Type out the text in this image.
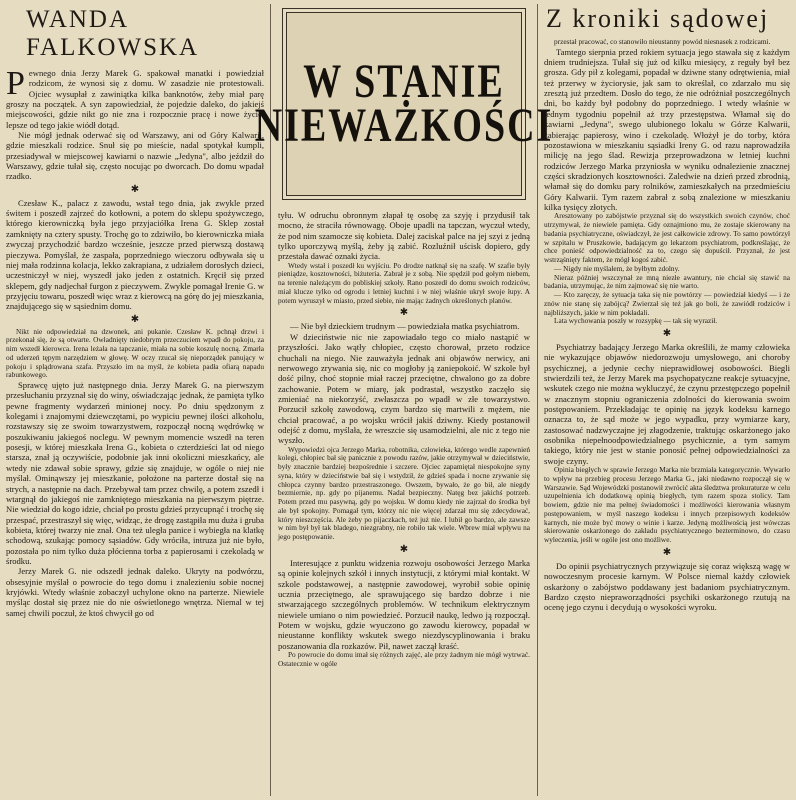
WANDA FALKOWSKA

Pewnego dnia Jerzy Marek G. spakował manatki i powiedział rodzicom, że wynosi się z domu. W zasadzie nie protestowali. Ojciec wysupłał z zawiniątka kilka banknotów, żeby miał parę groszy na początek. A syn zapowiedział, że pojedzie daleko, do jakiejś miejscowości, gdzie nikt go nie zna i rozpocznie pracę i nowe życie, lepsze od tego jakie wiódł dotąd.

Nie mógł jednak oderwać się od Warszawy, ani od Góry Kalwarii, gdzie mieszkali rodzice. Snuł się po mieście, nadal spotykał kumpli, przesiadywał w miejscowej kawiarni o nazwie „Jedyna", albo jeździł do Warszawy, gdzie tułał się, często nocując po dworcach. Do domu wpadał rzadko.

✱

Czesław K., palacz z zawodu, wstał tego dnia, jak zwykle przed świtem i poszedł zajrzeć do kotłowni, a potem do sklepu spożywczego, którego kierowniczką była jego przyjaciółka Irena G. Sklep został zamknięty na cztery spusty. Trochę go to zdziwiło, bo kierowniczka miała zwyczaj przychodzić bardzo wcześnie, jeszcze przed pierwszą dostawą pieczywa. Pomyślał, że zaspała, poprzedniego wieczoru odbywała się u niej mała rodzinna kolacja, lekko zakrapiana, z udziałem dorosłych dzieci, uczestniczył w niej, wyszedł jako jeden z ostatnich. Kręcił się przed sklepem, gdy nadjechał furgon z pieczywem. Zwykle pomagał Irenie G. w przyjęciu towaru, poszedł więc wraz z kierowcą na górę do jej mieszkania, znajdującego się w sąsiednim domu.

✱

Nikt nie odpowiedział na dzwonek, ani pukanie. Czesław K. pchnął drzwi i przekonał się, że są otwarte. Owładnięty niedobrym przeczuciem wpadł do pokoju, za nim wszedł kierowca. Irena leżała na tapczanie, miała na sobie koszulę nocną. Zmarła od uderzeń tępym narzędziem w głowę. W oczy rzucał się nieporządek panujący w pokoju i splądrowana szafa. Przyszło im na myśl, że kobieta padła ofiarą napadu rabunkowego.

Sprawcę ujęto już następnego dnia. Jerzy Marek G. na pierwszym przesłuchaniu przyznał się do winy, oświadczając jednak, że pamięta tylko pewne fragmenty wydarzeń minionej nocy. Po dniu spędzonym z kolegami i znajomymi dziewczętami, po wypiciu pewnej ilości alkoholu, rozstawszy się ze swoim towarzystwem, rozpoczął nocną wędrówkę w poszukiwaniu jakiegoś noclegu. W pewnym momencie wszedł na teren posesji, w której mieszkała Irena G., kobieta o czterdzieści lat od niego starsza, znał ją oczywiście, podobnie jak inni okoliczni mieszkańcy, ale wtedy nie zdawał sobie sprawy, gdzie się znajduje, w ogóle o niej nie myślał. Ominąwszy jej mieszkanie, położone na parterze dostał się na strych, a następnie na dach. Przebywał tam przez chwilę, a potem zszedł i wtargnął do jakiegoś nie zamkniętego mieszkania na pierwszym piętrze. Nie wiedział do kogo idzie, chciał po prostu gdzieś przycupnąć i trochę się przespać, przestraszył się więc, widząc, że drogę zastąpiła mu duża i gruba kobieta, której twarzy nie znał. Ona też uległa panice i wybiegła na klatkę schodową, szukając pomocy sąsiadów. Gdy wróciła, intruza już nie było, pozostała po nim tylko duża płócienna torba z papierosami i czekoladą w środku.

Jerzy Marek G. nie odszedł jednak daleko. Ukryty na podwórzu, obsesyjnie myślał o powrocie do tego domu i znalezieniu sobie nocnej kryjówki. Wtedy właśnie zobaczył uchylone okno na parterze. Niewiele myśląc dostał się przez nie do nie oświetlonego wnętrza. Niemal w tej samej chwili poczuł, że ktoś chwycił go od

W STANIE
NIEWAŻKOŚCI

tyłu. W odruchu obronnym złapał tę osobę za szyję i przydusił tak mocno, że straciła równowagę. Oboje upadli na tapczan, wyczuł wtedy, że pod nim szamocze się kobieta. Dalej zaciskał palce na jej szyi z jedną tylko uporczywą myślą, żeby ją zabić. Rozluźnił uścisk dopiero, gdy przestała dawać oznaki życia.

Wtedy wstał i poszedł ku wyjściu. Po drodze natknął się na szafę. W szafie były pieniądze, kosztowności, biżuteria. Zabrał je z sobą. Nie spędził pod gołym niebem, na terenie należącym do pobliskiej szkoły. Rano poszedł do domu swoich rodziców, miał klucze tylko od ogrodu i letniej kuchni i w niej właśnie ukrył swoje łupy. A potem wyruszył w miasto, przed siebie, nie mając żadnych określonych planów.

✱

— Nie był dzieckiem trudnym — powiedziała matka psychiatrom.

W dzieciństwie nic nie zapowiadało tego co miało nastąpić w przyszłości. Jako wątły chłopiec, często chorował, przeto rodzice chuchali na niego. Nie zauważyła jednak ani objawów nerwicy, ani nerwowego zrywania się, nic co mogłoby ją zaniepokoić. W szkole był dość pilny, choć stopnie miał raczej przeciętne, chwalono go za dobre zachowanie. Potem w miarę, jak podrastał, wszystko zaczęło się zmieniać na niekorzyść, zwłaszcza po wpadł w złe towarzystwo. Porzucił szkołę zawodową, czym bardzo się martwili z mężem, nie chciał pracować, a po wojsku wrócił jakiś dziwny. Kiedy postanowił odejść z domu, myślała, że wreszcie się usamodzielni, ale nic z tego nie wyszło.

Wypowiedzi ojca Jerzego Marka, robotnika, człowieka, którego wedle zapewnień kolegi, chłopiec bał się panicznie z powodu razów, jakie otrzymywał w dzieciństwie, były znacznie bardziej bezpośrednie i szczere. Ojciec zapamiętał niespokojne syny syna, który w dzieciństwie bał się i wstydził, że gdzieś spada i nocne zrywanie się chłopca czynny bardzo przestraszonego. Owszem, bywało, że go bił, ale niegdy bezmiernie, np. gdy po pijanemu. Nadal bezpieczny. Natęg bez jakichś potrzeb. Potem przed mu pasywną, gdy po wojsku. W domu kiedy nie zajrzał do środka był ale był spokojny. Pomagał tym, którzy nic nie więcej zdarzał mu się zdecydować, który nieszczęścia. Ale żeby po pijaczkach, też już nie. I lubił go bardzo, ale zawsze w nim był był tak bladego, niezgrabny, nie robiło tak wiele. Wbrew miał wpływu na jego postępowanie.

✱

Interesujące z punktu widzenia rozwoju osobowości Jerzego Marka są opinie kolejnych szkół i innych instytucji, z którymi miał kontakt. W szkole podstawowej, a następnie zawodowej, wyrobił sobie opinię ucznia przeciętnego, ale sprawującego się bardzo dobrze i nie stwarzającego szczególnych problemów. W technikum elektrycznym niewiele umiano o nim powiedzieć. Porzucił naukę, ledwo ją rozpoczął. Potem w wojsku, gdzie wyuczono go zawodu kierowcy, popadał w nieustanne konflikty wskutek swego niezdyscyplinowania i braku poszanowania dla rozkazów. Pił, nawet zaczął kraść.

Po powrocie do domu imał się różnych zajęć, ale przy żadnym nie mógł wytrwać. Ostatecznie w ogóle

Z kroniki sądowej

przestał pracować, co stanowiło nieustanny powód niesnasek z rodzicami.

Tamtego sierpnia przed rokiem sytuacja jego stawała się z każdym dniem trudniejsza. Tułał się już od kilku miesięcy, z reguły był bez grosza. Gdy pił z kolegami, popadał w dziwne stany odrętwienia, miał też przerwy w życiorysie, jak sam to określał, co zdarzało mu się zresztą już przedtem. Dosło do tego, że nie odróżniał poszczególnych dni, bo każdy był podobny do poprzedniego. I wtedy właśnie w jednym tygodniu popełnił aż trzy przestępstwa. Włamał się do kawiarni „Jedyna", swego ulubionego lokalu w Górze Kalwarii, zabierając papierosy, wino i czekoladę. Włożył je do torby, która pozostawiona w mieszkaniu sąsiadki Ireny G. od razu naprowadziła milicję na jego ślad. Rewizja przeprowadzona w letniej kuchni rodziców Jerzego Marka przyniosła w wyniku odnalezienie znacznej części skradzionych kosztowności. Zaledwie na dzień przed zbrodnią, włamał się do domku pary rolników, zamieszkałych na przedmieściu Góry Kalwarii. Tym razem zabrał z sobą znalezione w mieszkaniu kilka tysięcy złotych.

Aresztowany po zabójstwie przyznał się do wszystkich swoich czynów, choć utrzymywał, że niewiele pamięta. Gdy oznajmiono mu, że zostaje skierowany na badania psychiatryczne, oświadczył, że jest całkowicie zdrowy. To samo powtórzył w szpitalu w Pruszkowie, badającym go lekarzom psychiatrom, podkreślając, że chce ponieść odpowiedzialność za to, czego się dopuścił. Przyznał, że jest wstrząśnięty faktem, że mógł kogoś zabić.

— Nigdy nie myślałem, że byłbym zdolny.

Nieraz później wszczynał ze mną niezłe awantury, nie chciał się stawić na badania, utrzymując, że nim zajmować się nie warto.

— Kto zaręczy, że sytuacja taka się nie powtórzy — powiedział kiedyś — i że znów nie stanę się zabójcą? Zwierzał się też jak go boli, że zawiódł rodziców i najbliższych, jakie w nim pokładali.

Lata wychowania poszły w rozsypkę — tak się wyraził.

✱

Psychiatrzy badający Jerzego Marka określili, że mamy człowieka nie wykazujące objawów niedorozwoju umysłowego, ani choroby psychicznej, a jedynie cechy nieprawidłowej osobowości. Biegli stwierdzili też, że Jerzy Marek ma psychopatyczne reakcje sytuacyjne, wskutek czego nie można wykluczyć, że czynu przestępczego popełnił w znacznym stopniu ograniczenia zdolności do kierowania swoim postępowaniem. Przekładając te opinię na język kodeksu karnego oznacza to, że sąd może w jego wypadku, przy wymiarze kary, zastosować nadzwyczajne jej złagodzenie, traktując oskarżonego jako osobnika niepełnoodpowiedzialnego psychicznie, a tym samym takiego, który nie jest w stanie ponosić pełnej odpowiedzialności za swoje czyny.

Opinia biegłych w sprawie Jerzego Marka nie brzmiała kategorycznie. Wywarło to wpływ na przebieg procesu Jerzego Marka G., jaki niedawno rozpoczął się w Warszawie. Sąd Wojewódzki postanowił zwrócić akta śledztwa prokuraturze w celu uzupełnienia ich dodatkową opinią biegłych, tym razem spoza stolicy. Tam bowiem, gdzie nie ma pełnej świadomości i możliwości kierowania własnym postępowaniem, w myśl naszego kodeksu i innych przepisowych kodeksów karnych, nie może być mowy o winie i karze. Jedyną możliwością jest wówczas skierowanie oskarżonego do zakładu psychiatrycznego bezterminowo, do czasu wyleczenia, jeśli w ogóle jest ono możliwe.

✱

Do opinii psychiatrycznych przywiązuje się coraz większą wagę w nowoczesnym procesie karnym. W Polsce niemal każdy człowiek oskarżony o zabójstwo poddawany jest badaniom psychiatrycznym. Bardzo często niepraworządności psychiki oskarżonego rzutują na ocenę jego czynu i decydują o wysokości wyroku.
